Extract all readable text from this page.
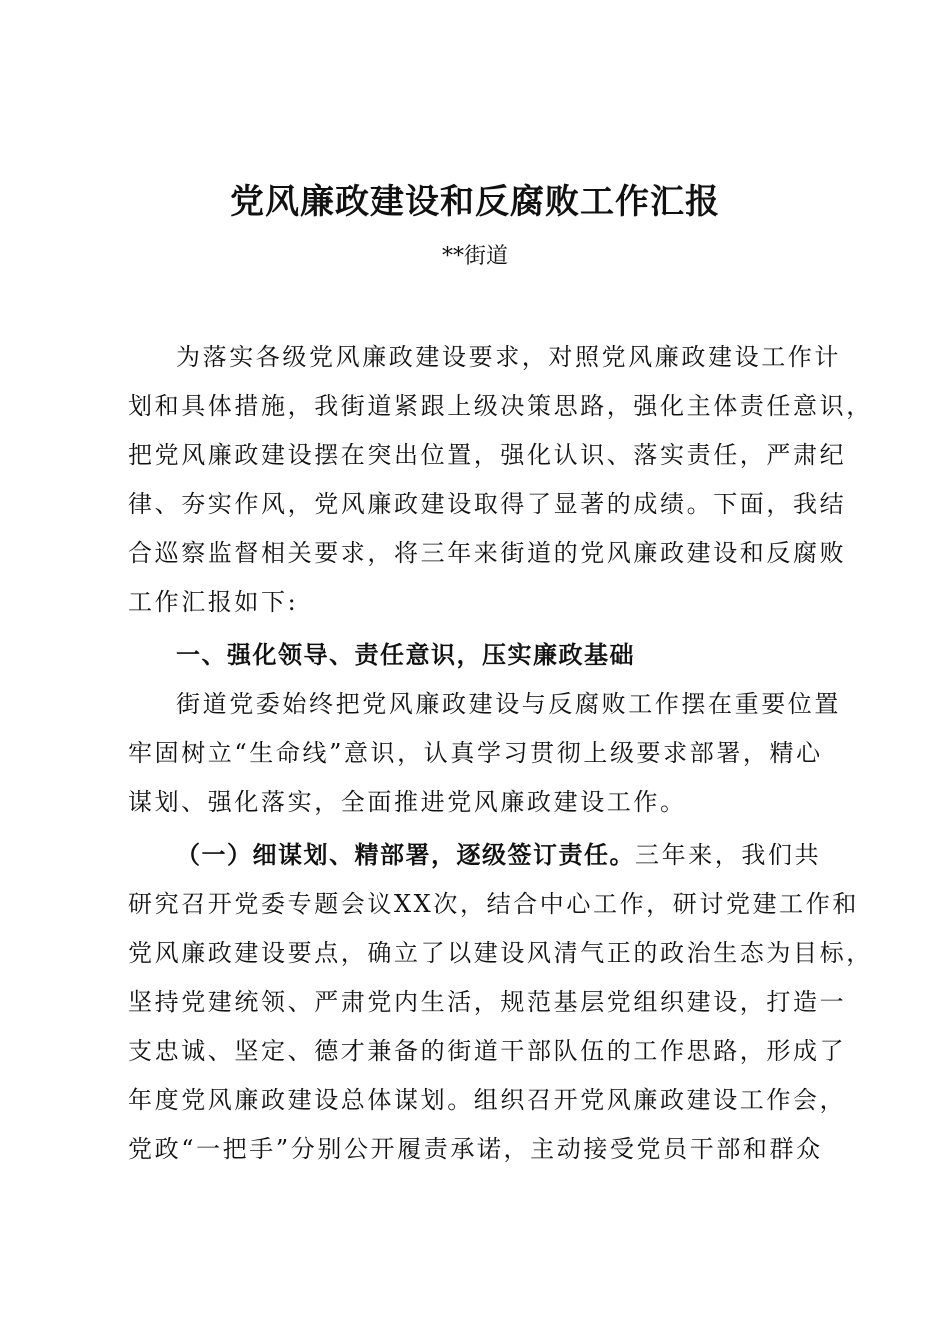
党风廉政建设和反腐败工作汇报

**街道

为落实各级党风廉政建设要求，对照党风廉政建设工作计

划和具体措施，我街道紧跟上级决策思路，强化主体责任意识，

把党风廉政建设摆在突出位置，强化认识、落实责任，严肃纪

律、夯实作风，党风廉政建设取得了显著的成绩。下面，我结

合巡察监督相关要求，将三年来街道的党风廉政建设和反腐败

工作汇报如下:

一、强化领导、责任意识，压实廉政基础

街道党委始终把党风廉政建设与反腐败工作摆在重要位置

牢固树立“生命线”意识，认真学习贯彻上级要求部署，精心

谋划、强化落实，全面推进党风廉政建设工作。

（一）细谋划、精部署，逐级签订责任。三年来，我们共

研究召开党委专题会议XX次，结合中心工作，研讨党建工作和

党风廉政建设要点，确立了以建设风清气正的政治生态为目标，

坚持党建统领、严肃党内生活，规范基层党组织建设，打造一

支忠诚、坚定、德才兼备的街道干部队伍的工作思路，形成了

年度党风廉政建设总体谋划。组织召开党风廉政建设工作会，

党政“一把手”分别公开履责承诺，主动接受党员干部和群众
